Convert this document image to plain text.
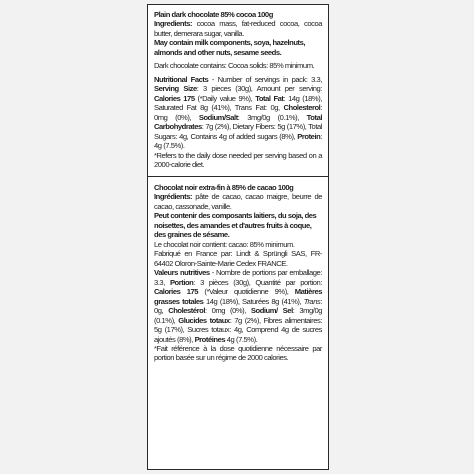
Plain dark chocolate 85% cocoa 100g

Ingredients: cocoa mass, fat-reduced cocoa, cocoa butter, demerara sugar, vanilla.

May contain milk components, soya, hazelnuts, almonds and other nuts, sesame seeds.

Dark chocolate contains: Cocoa solids: 85% minimum.

Nutritional Facts - Number of servings in pack: 3.3, Serving Size: 3 pieces (30g), Amount per serving: Calories 175 (*Daily value 9%), Total Fat: 14g (18%), Saturated Fat 8g (41%), Trans Fat: 0g, Cholesterol: 0mg (0%), Sodium/Salt: 3mg/0g (0.1%), Total Carbohydrates: 7g (2%), Dietary Fibers: 5g (17%), Total Sugars: 4g, Contains 4g of added sugars (8%), Protein: 4g (7.5%).

*Refers to the daily dose needed per serving based on a 2000-calorie diet.

Chocolat noir extra-fin à 85% de cacao 100g

Ingrédients: pâte de cacao, cacao maigre, beurre de cacao, cassonade, vanille.

Peut contenir des composants laitiers, du soja, des noisettes, des amandes et d'autres fruits à coque, des graines de sésame.

Le chocolat noir contient: cacao: 85% minimum.

Fabriqué en France par: Lindt & Sprüngli SAS, FR-64402 Oloron-Sainte-Marie Cedex FRANCE.

Valeurs nutritives - Nombre de portions par emballage: 3.3, Portion: 3 pièces (30g), Quantité par portion: Calories 175 (*Valeur quotidienne 9%), Matières grasses totales 14g (18%), Saturées 8g (41%), Trans: 0g, Cholestérol: 0mg (0%), Sodium/ Sel: 3mg/0g (0.1%), Glucides totaux: 7g (2%), Fibres alimentaires: 5g (17%), Sucres totaux: 4g, Comprend 4g de sucres ajoutés (8%), Protéines 4g (7.5%).

*Fait référence à la dose quotidienne nécessaire par portion basée sur un régime de 2000 calories.
